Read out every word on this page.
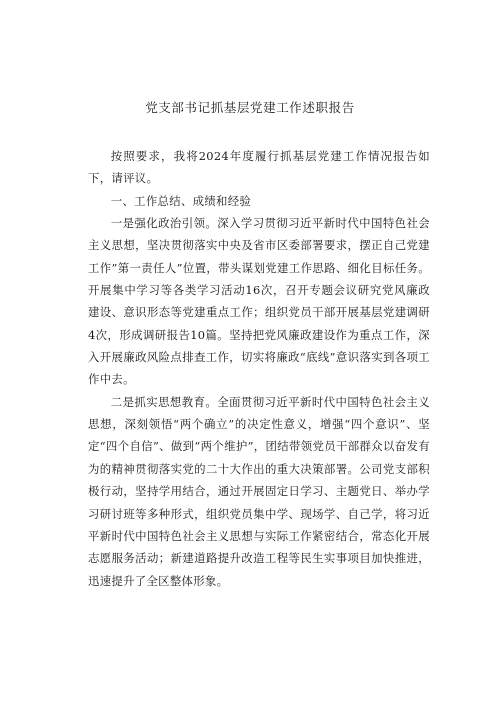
党支部书记抓基层党建工作述职报告

按照要求，我将2024年度履行抓基层党建工作情况报告如下，请评议。

一、工作总结、成绩和经验

一是强化政治引领。深入学习贯彻习近平新时代中国特色社会主义思想，坚决贯彻落实中央及省市区委部署要求，摆正自己党建工作”第一责任人”位置，带头谋划党建工作思路、细化目标任务。开展集中学习等各类学习活动16次，召开专题会议研究党风廉政建设、意识形态等党建重点工作；组织党员干部开展基层党建调研4次，形成调研报告10篇。坚持把党风廉政建设作为重点工作，深入开展廉政风险点排查工作，切实将廉政“底线”意识落实到各项工作中去。

二是抓实思想教育。全面贯彻习近平新时代中国特色社会主义思想，深刻领悟“两个确立”的决定性意义，增强“四个意识”、坚定“四个自信”、做到“两个维护”，团结带领党员干部群众以奋发有为的精神贯彻落实党的二十大作出的重大决策部署。公司党支部积极行动，坚持学用结合，通过开展固定日学习、主题党日、举办学习研讨班等多种形式，组织党员集中学、现场学、自己学，将习近平新时代中国特色社会主义思想与实际工作紧密结合，常态化开展志愿服务活动；新建道路提升改造工程等民生实事项目加快推进，迅速提升了全区整体形象。
